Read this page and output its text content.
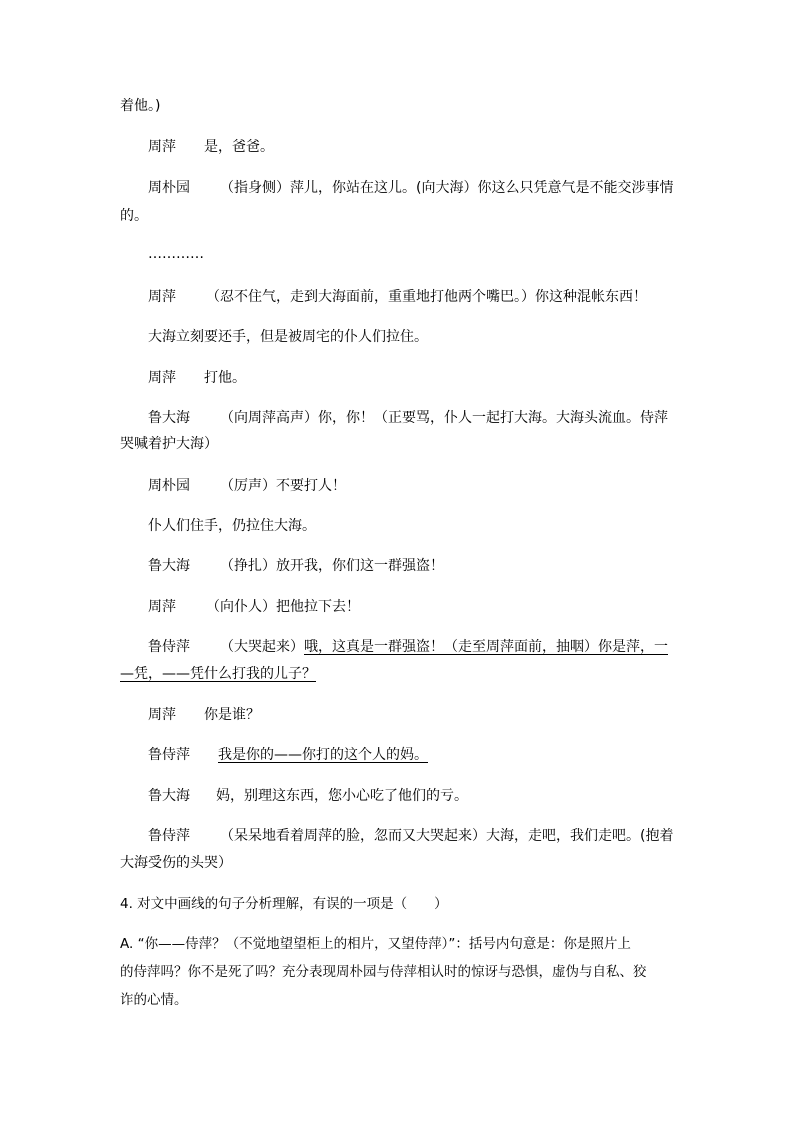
着他。)
周萍 是，爸爸。
周朴园 （指身侧）萍儿，你站在这儿。(向大海）你这么只凭意气是不能交涉事情
的。
…………
周萍 （忍不住气，走到大海面前，重重地打他两个嘴巴。）你这种混帐东西！
大海立刻要还手，但是被周宅的仆人们拉住。
周萍 打他。
鲁大海 （向周萍高声）你，你！（正要骂，仆人一起打大海。大海头流血。侍萍
哭喊着护大海）
周朴园 （厉声）不要打人！
仆人们住手，仍拉住大海。
鲁大海 （挣扎）放开我，你们这一群强盗！
周萍 （向仆人）把他拉下去！
鲁侍萍 （大哭起来）哦，这真是一群强盗！（走至周萍面前，抽咽）你是萍，一
—凭，——凭什么打我的儿子？
周萍 你是谁？
鲁侍萍 我是你的——你打的这个人的妈。
鲁大海 妈，别理这东西，您小心吃了他们的亏。
鲁侍萍 （呆呆地看着周萍的脸，忽而又大哭起来）大海，走吧，我们走吧。(抱着
大海受伤的头哭）
4. 对文中画线的句子分析理解，有误的一项是（　　）
A. “你——侍萍？（不觉地望望柜上的相片，又望侍萍）”：括号内句意是：你是照片上
的侍萍吗？你不是死了吗？充分表现周朴园与侍萍相认时的惊讶与恐惧，虚伪与自私、狡
诈的心情。
